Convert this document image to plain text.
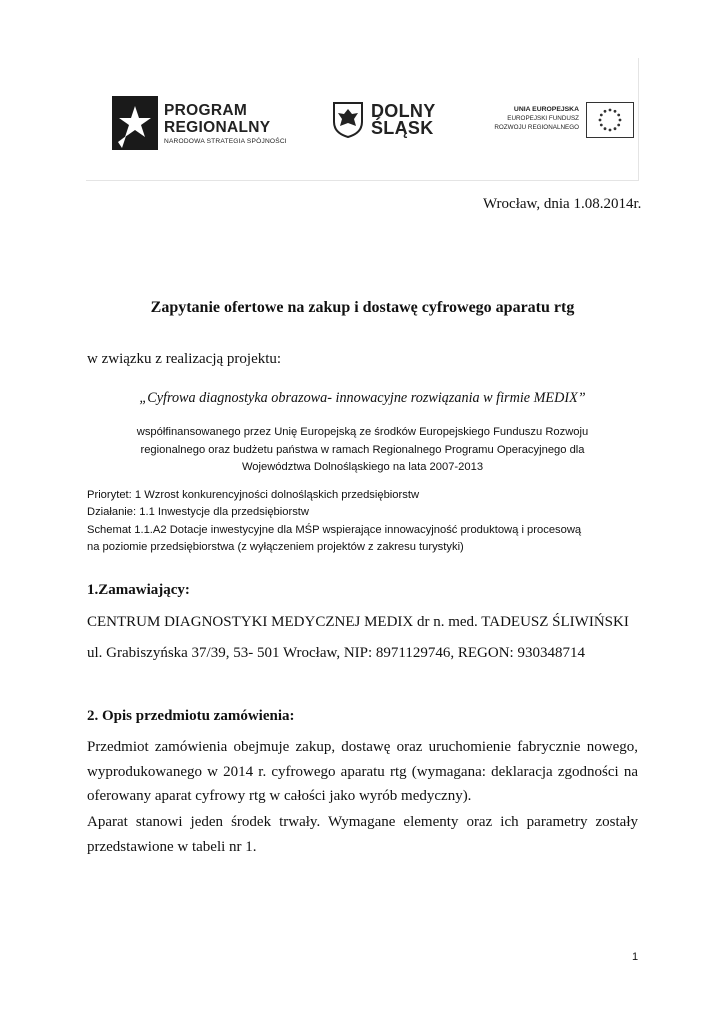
PROGRAM
REGIONALNY
NARODOWA STRATEGIA SPÓJNOŚCI
DOLNY
ŚLĄSK
UNIA EUROPEJSKA
EUROPEJSKI FUNDUSZ
ROZWOJU REGIONALNEGO
Wrocław, dnia 1.08.2014r.
Zapytanie ofertowe na zakup i dostawę cyfrowego aparatu rtg
w związku z realizacją projektu:
„Cyfrowa diagnostyka obrazowa- innowacyjne rozwiązania w firmie MEDIX”
współfinansowanego przez Unię Europejską ze środków Europejskiego Funduszu Rozwoju
regionalnego oraz budżetu państwa w ramach Regionalnego Programu Operacyjnego dla
Województwa Dolnośląskiego na lata 2007-2013
Priorytet: 1 Wzrost konkurencyjności dolnośląskich przedsiębiorstw
Działanie: 1.1 Inwestycje dla przedsiębiorstw
Schemat 1.1.A2 Dotacje inwestycyjne dla MŚP wspierające innowacyjność produktową i procesową
na poziomie przedsiębiorstwa (z wyłączeniem projektów z zakresu turystyki)
1.Zamawiający:
CENTRUM DIAGNOSTYKI MEDYCZNEJ MEDIX dr n. med. TADEUSZ ŚLIWIŃSKI
ul. Grabiszyńska 37/39, 53- 501 Wrocław, NIP: 8971129746, REGON: 930348714
2. Opis przedmiotu zamówienia:
Przedmiot zamówienia obejmuje zakup, dostawę oraz uruchomienie fabrycznie nowego, wyprodukowanego w 2014 r. cyfrowego aparatu rtg (wymagana: deklaracja zgodności na oferowany aparat cyfrowy rtg w całości jako wyrób medyczny).
Aparat stanowi jeden środek trwały. Wymagane elementy oraz ich parametry zostały przedstawione w tabeli nr 1.
1
